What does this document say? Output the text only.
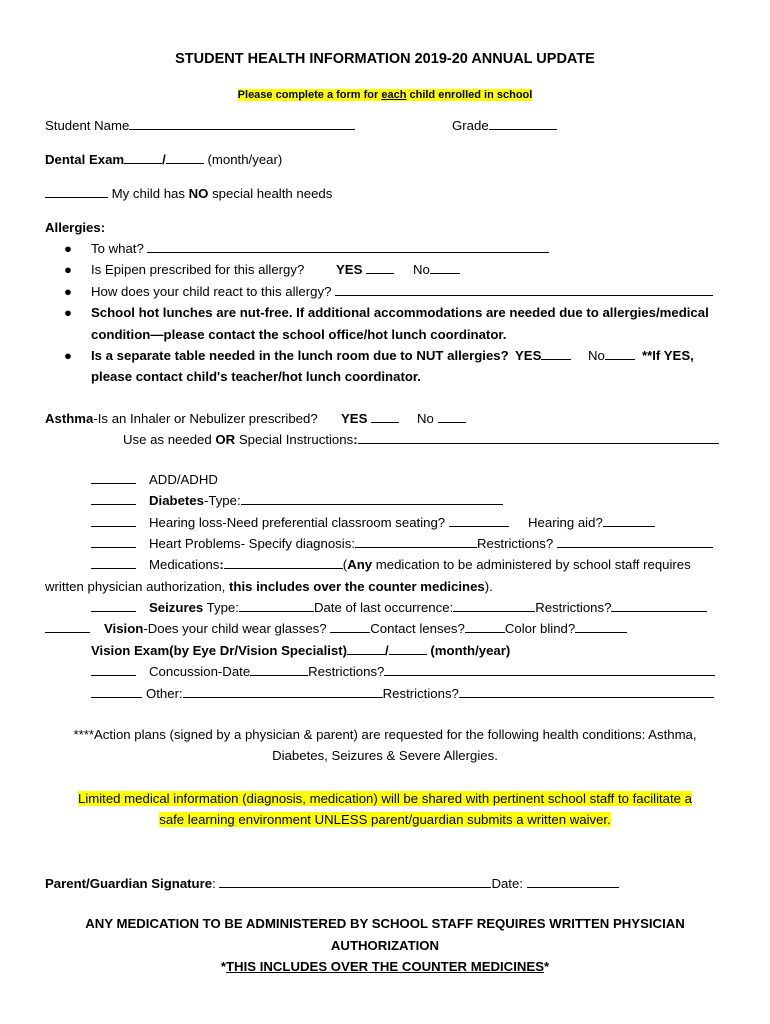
STUDENT HEALTH INFORMATION 2019-20 ANNUAL UPDATE
Please complete a form for each child enrolled in school
Student Name	Grade
Dental Exam	/	(month/year)
My child has NO special health needs
Allergies:
● To what?
● Is Epipen prescribed for this allergy? YES	No
● How does your child react to this allergy?
● School hot lunches are nut-free. If additional accommodations are needed due to allergies/medical
condition—please contact the school office/hot lunch coordinator.
● Is a separate table needed in the lunch room due to NUT allergies? YES	No	**If YES,
please contact child's teacher/hot lunch coordinator.
Asthma-Is an Inhaler or Nebulizer prescribed? YES	No
Use as needed OR Special Instructions:
ADD/ADHD
Diabetes-Type:
Hearing loss-Need preferential classroom seating?	Hearing aid?
Heart Problems- Specify diagnosis:	Restrictions?
Medications:	(Any medication to be administered by school staff requires
written physician authorization, this includes over the counter medicines).
Seizures Type:	Date of last occurrence:	Restrictions?
Vision-Does your child wear glasses?	Contact lenses?	Color blind?
Vision Exam(by Eye Dr/Vision Specialist)	/	(month/year)
Concussion-Date	Restrictions?
Other:	Restrictions?
****Action plans (signed by a physician & parent) are requested for the following health conditions: Asthma,
Diabetes, Seizures & Severe Allergies.
Limited medical information (diagnosis, medication) will be shared with pertinent school staff to facilitate a
safe learning environment UNLESS parent/guardian submits a written waiver.
Parent/Guardian Signature:	Date:
ANY MEDICATION TO BE ADMINISTERED BY SCHOOL STAFF REQUIRES WRITTEN PHYSICIAN
AUTHORIZATION
*THIS INCLUDES OVER THE COUNTER MEDICINES*
